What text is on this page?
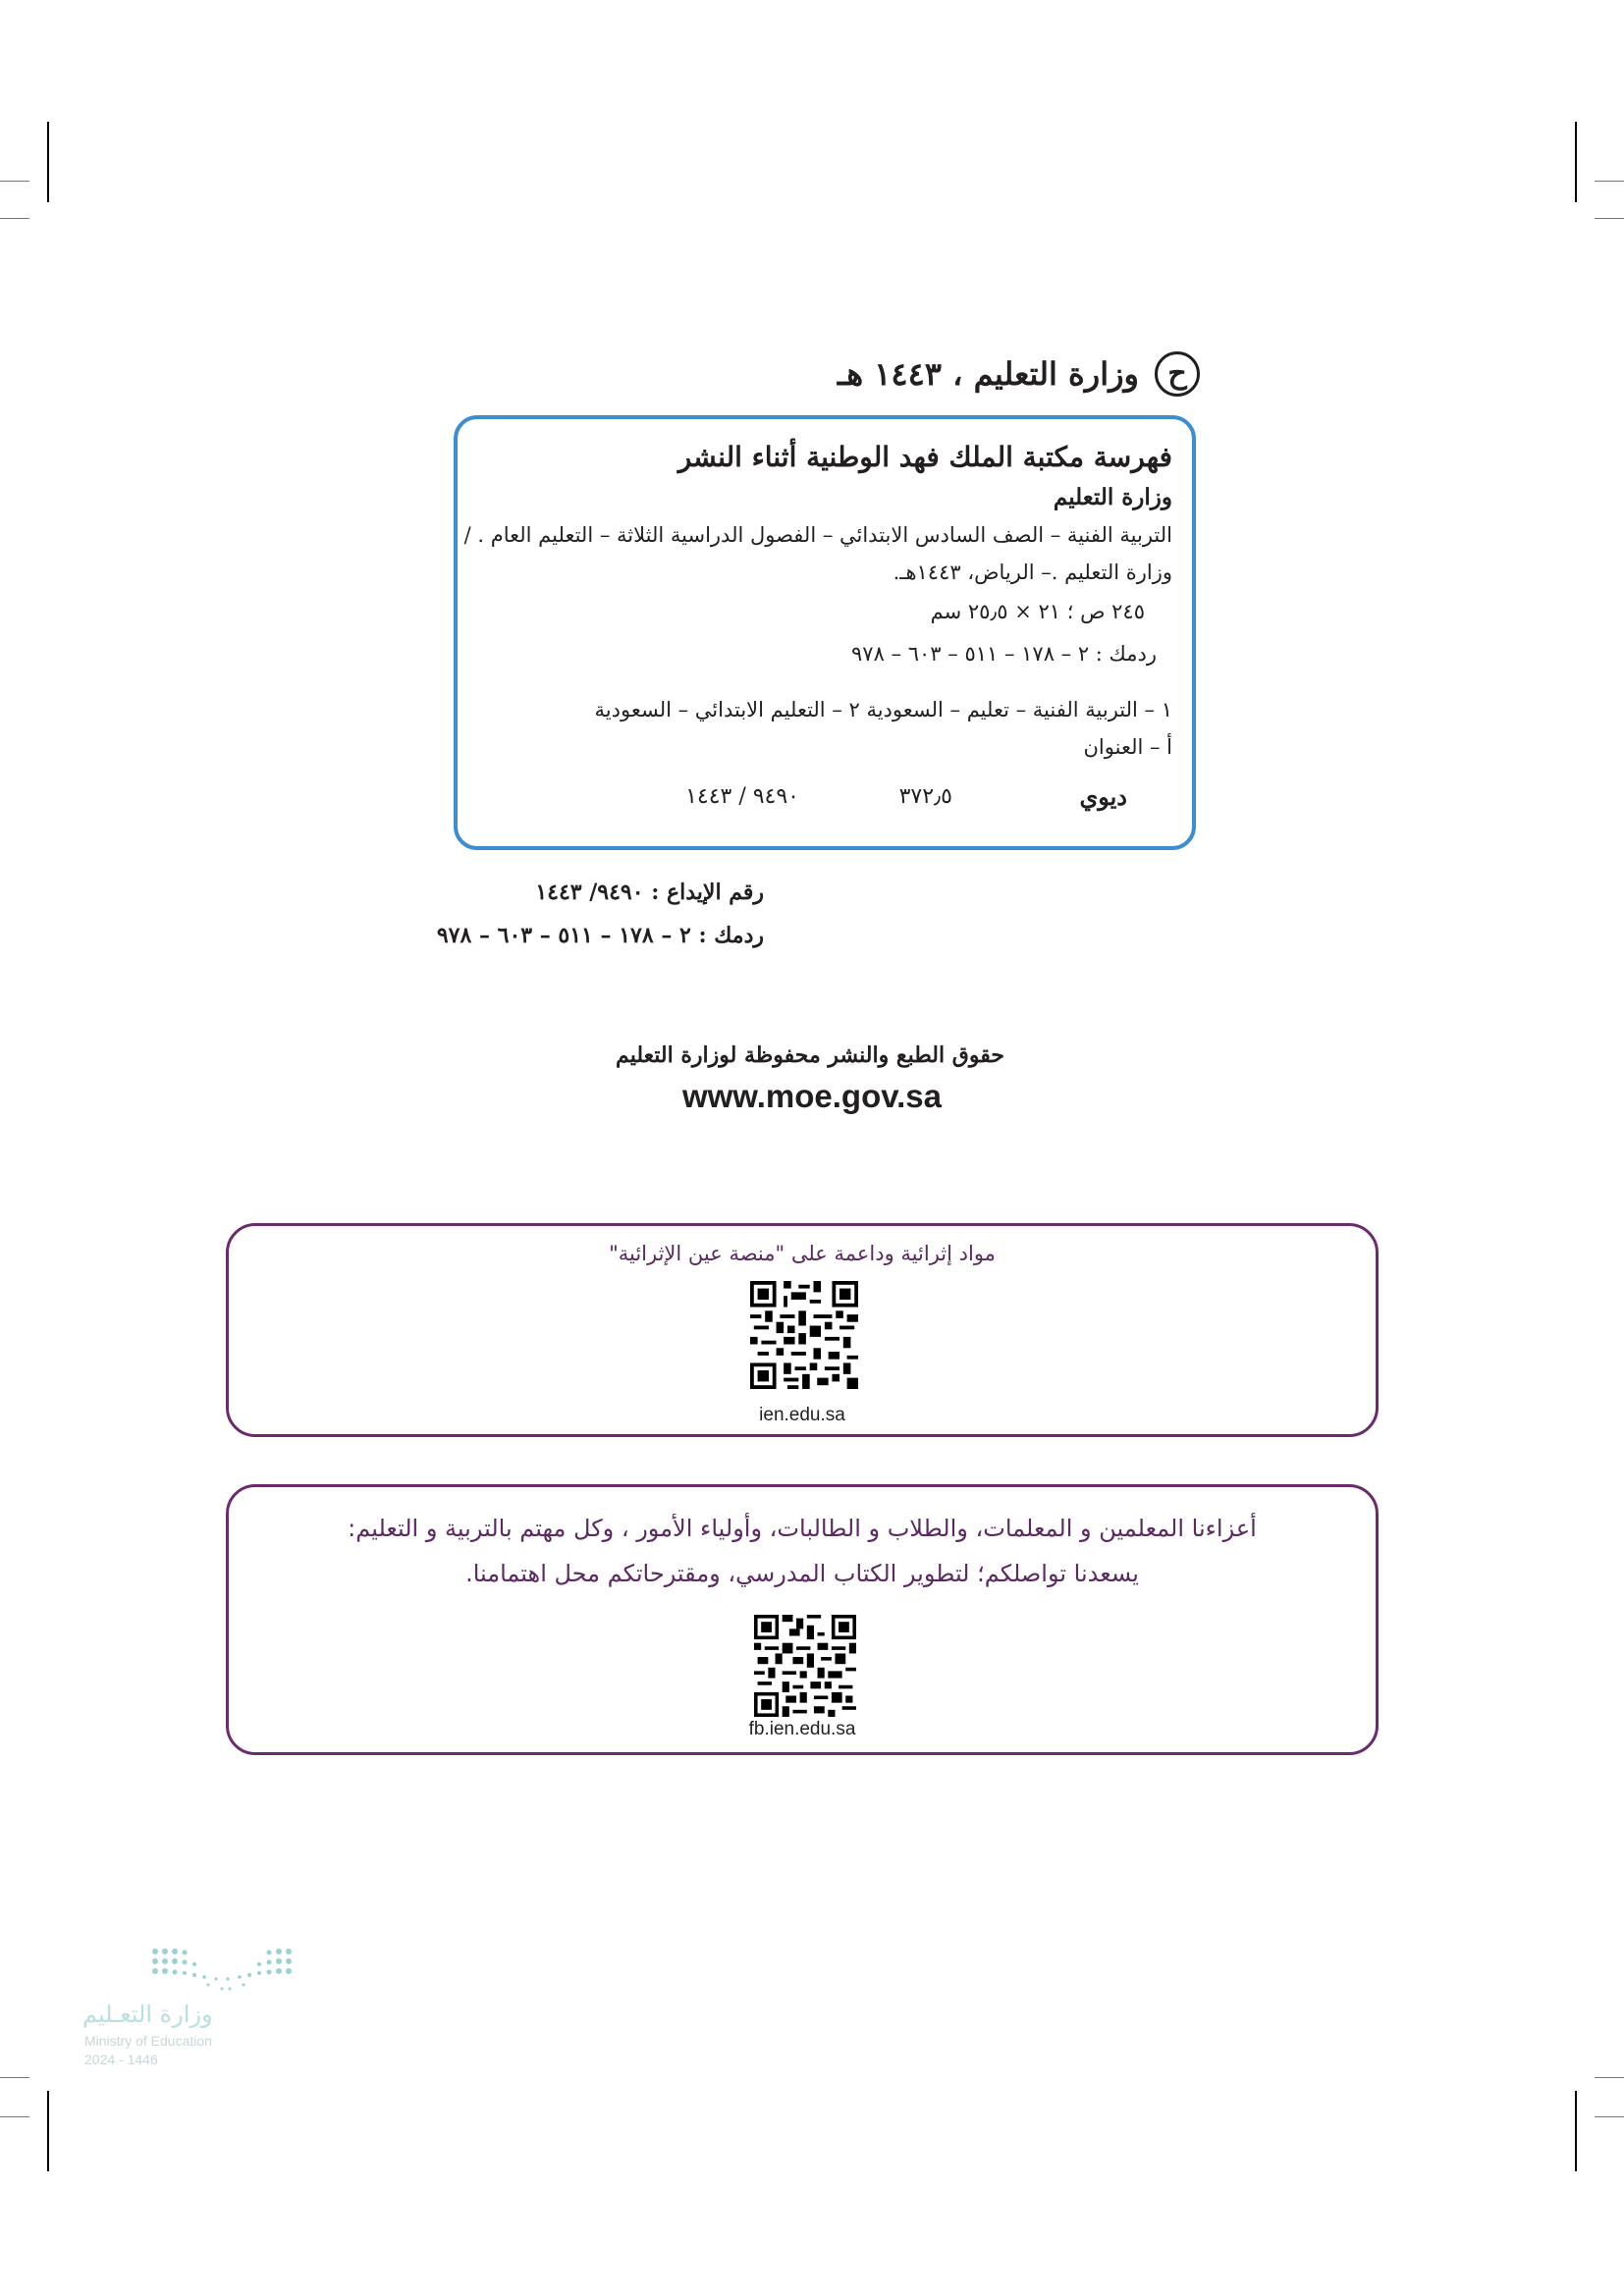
ح
وزارة التعليم ، ١٤٤٣ هـ
فهرسة مكتبة الملك فهد الوطنية أثناء النشر
وزارة التعليم
التربية الفنية – الصف السادس الابتدائي – الفصول الدراسية الثلاثة – التعليم العام . /
وزارة التعليم .– الرياض، ١٤٤٣هـ.
٢٤٥ ص ؛ ٢١ × ٢٥٫٥ سم
ردمك : ٢ – ١٧٨ – ٥١١ – ٦٠٣ – ٩٧٨
١ – التربية الفنية – تعليم – السعودية ٢ – التعليم الابتدائي – السعودية
أ – العنوان
ديوي
٣٧٢٫٥
٩٤٩٠ / ١٤٤٣
رقم الإيداع : ٩٤٩٠/ ١٤٤٣
ردمك : ٢ – ١٧٨ – ٥١١ – ٦٠٣ – ٩٧٨
حقوق الطبع والنشر محفوظة لوزارة التعليم
www.moe.gov.sa
مواد إثرائية وداعمة على "منصة عين الإثرائية"
ien.edu.sa
أعزاءنا المعلمين و المعلمات، والطلاب و الطالبات، وأولياء الأمور ، وكل مهتم بالتربية و التعليم:
يسعدنا تواصلكم؛ لتطوير الكتاب المدرسي، ومقترحاتكم محل اهتمامنا.
fb.ien.edu.sa
وزارة التعـليم
Ministry of Education
2024 - 1446
